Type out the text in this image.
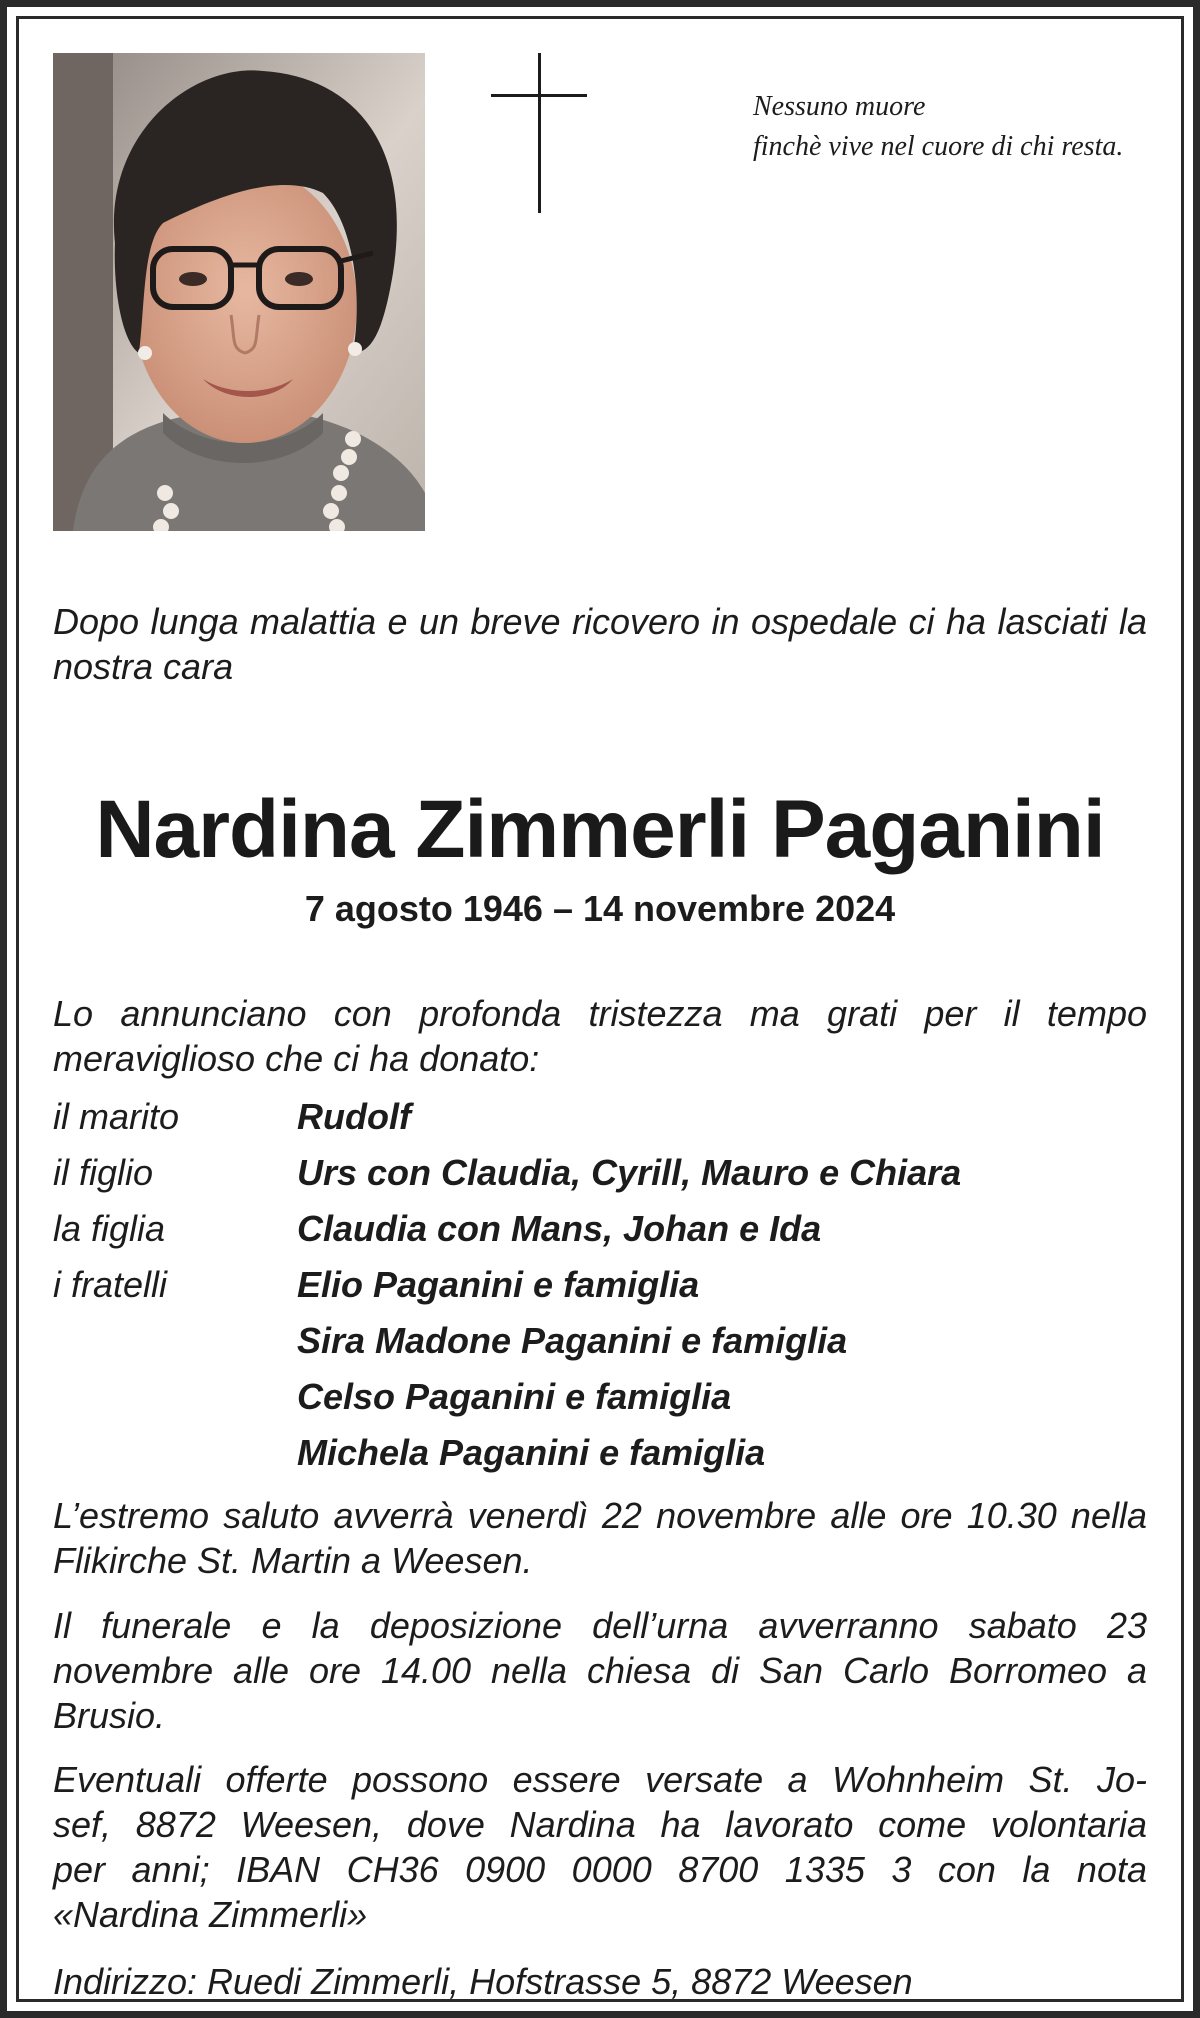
Nessuno muore
finchè vive nel cuore di chi resta.
Dopo lunga malattia e un breve ricovero in ospedale ci ha lasciati la nostra cara
Nardina Zimmerli Paganini
7 agosto 1946 – 14 novembre 2024
Lo annunciano con profonda tristezza ma grati per il tempo meraviglioso che ci ha donato:
il marito	Rudolf
il figlio	Urs con Claudia, Cyrill, Mauro e Chiara
la figlia	Claudia con Mans, Johan e Ida
i fratelli	Elio Paganini e famiglia
Sira Madone Paganini e famiglia
Celso Paganini e famiglia
Michela Paganini e famiglia
L’estremo saluto avverrà venerdì 22 novembre alle ore 10.30 nella Flikirche St. Martin a Weesen.
Il funerale e la deposizione dell’urna avverranno sabato 23 novembre alle ore 14.00 nella chiesa di San Carlo Borromeo a Brusio.
Eventuali offerte possono essere versate a Wohnheim St. Jo-
sef, 8872 Weesen, dove Nardina ha lavorato come volontaria
per anni; IBAN CH36 0900 0000 8700 1335 3 con la nota
«Nardina Zimmerli»
Indirizzo: Ruedi Zimmerli, Hofstrasse 5, 8872 Weesen
